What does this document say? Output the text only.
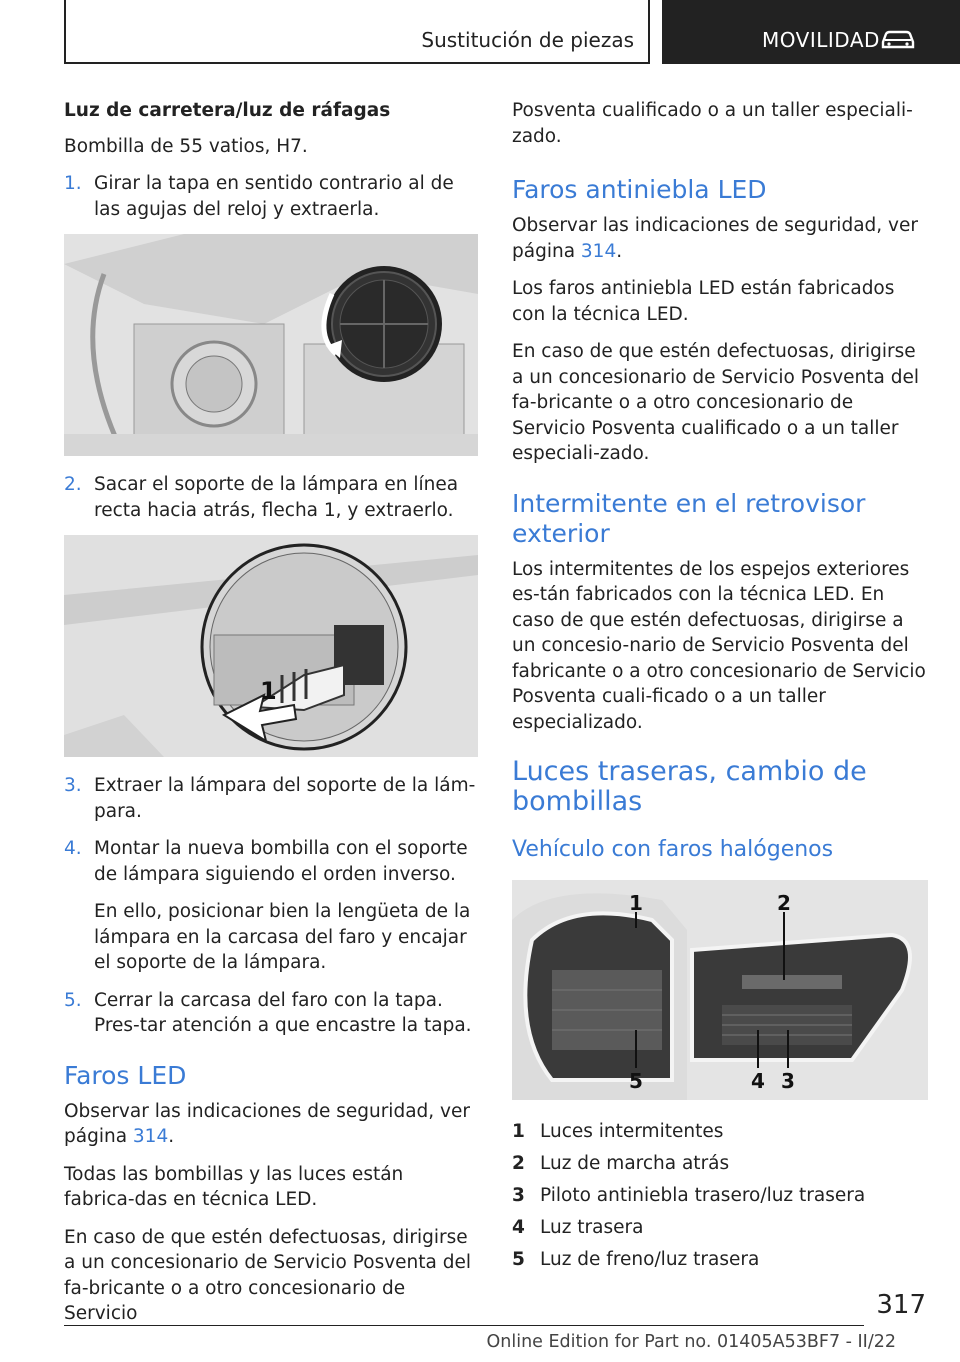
Sustitución de piezas	MOVILIDAD

Luz de carretera/luz de ráfagas

Bombilla de 55 vatios, H7.

1. Girar la tapa en sentido contrario al de las agujas del reloj y extraerla.
2. Sacar el soporte de la lámpara en línea recta hacia atrás, flecha 1, y extraerlo.
1
3. Extraer la lámpara del soporte de la lám-para.
4. Montar la nueva bombilla con el soporte de lámpara siguiendo el orden inverso.
En ello, posicionar bien la lengüeta de la lámpara en la carcasa del faro y encajar el soporte de la lámpara.
5. Cerrar la carcasa del faro con la tapa. Pres-tar atención a que encastre la tapa.
Faros LED

Observar las indicaciones de seguridad, ver página 314.

Todas las bombillas y las luces están fabrica-das en técnica LED.

En caso de que estén defectuosas, dirigirse a un concesionario de Servicio Posventa del fa-bricante o a otro concesionario de Servicio

Posventa cualificado o a un taller especiali-zado.

Faros antiniebla LED

Observar las indicaciones de seguridad, ver página 314.

Los faros antiniebla LED están fabricados con la técnica LED.

En caso de que estén defectuosas, dirigirse a un concesionario de Servicio Posventa del fa-bricante o a otro concesionario de Servicio Posventa cualificado o a un taller especiali-zado.

Intermitente en el retrovisor exterior

Los intermitentes de los espejos exteriores es-tán fabricados con la técnica LED. En caso de que estén defectuosas, dirigirse a un concesio-nario de Servicio Posventa del fabricante o a otro concesionario de Servicio Posventa cuali-ficado o a un taller especializado.

Luces traseras, cambio de bombillas
Vehículo con faros halógenos
1	2
5	4 3
1 Luces intermitentes
2 Luz de marcha atrás
3 Piloto antiniebla trasero/luz trasera
4 Luz trasera
5 Luz de freno/luz trasera
317
Online Edition for Part no. 01405A53BF7 - II/22
